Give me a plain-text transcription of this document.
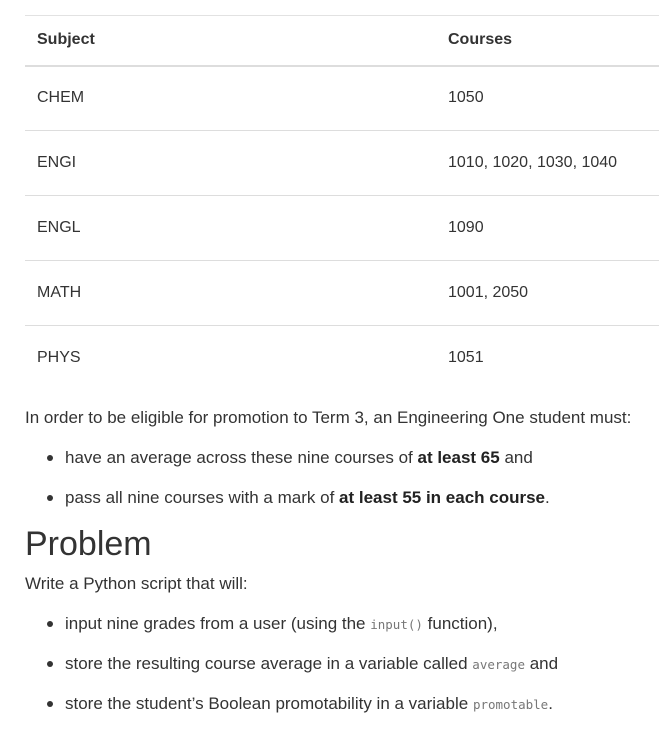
Subject	Courses
CHEM	1050
ENGI	1010, 1020, 1030, 1040
ENGL	1090
MATH	1001, 2050
PHYS	1051

In order to be eligible for promotion to Term 3, an Engineering One student must:

have an average across these nine courses of at least 65 and
pass all nine courses with a mark of at least 55 in each course.
Problem

Write a Python script that will:

input nine grades from a user (using the input() function),
store the resulting course average in a variable called average and
store the student’s Boolean promotability in a variable promotable.
